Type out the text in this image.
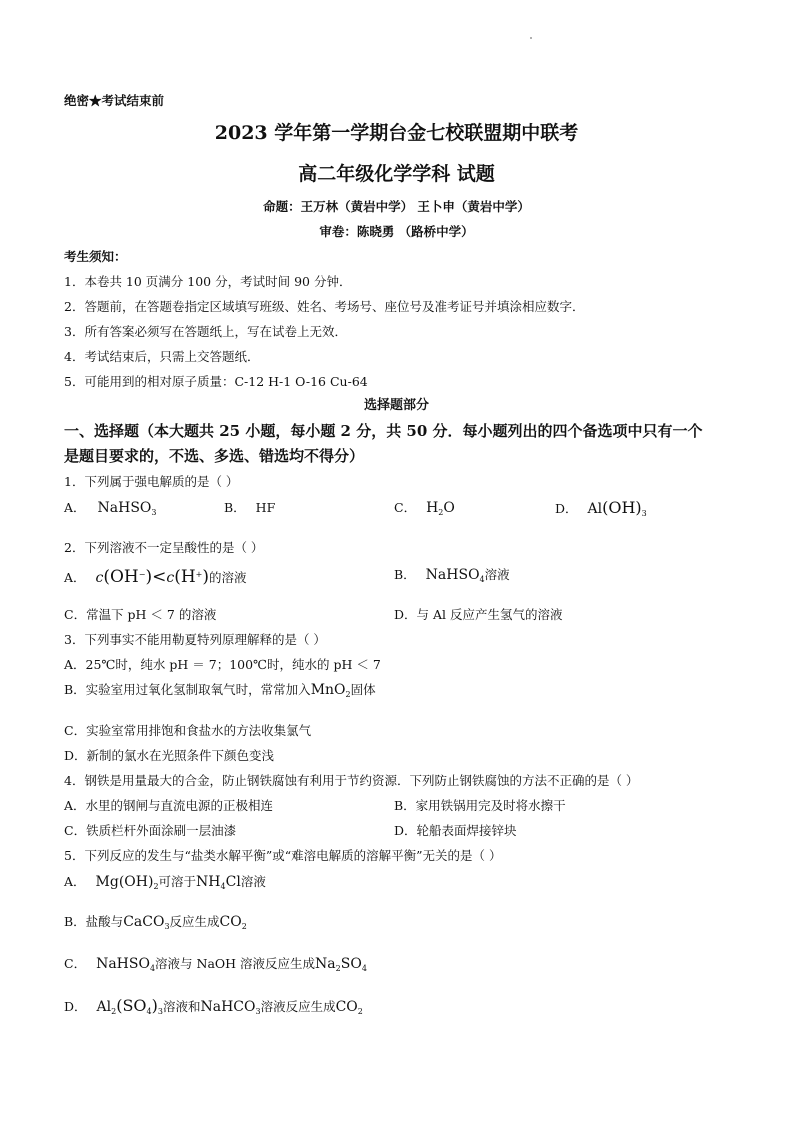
绝密★考试结束前
2023 学年第一学期台金七校联盟期中联考
高二年级化学学科 试题
命题：王万林（黄岩中学） 王卜申（黄岩中学）
审卷：陈晓勇 （路桥中学）
考生须知：
1．本卷共 10 页满分 100 分，考试时间 90 分钟．
2．答题前，在答题卷指定区域填写班级、姓名、考场号、座位号及准考证号并填涂相应数字．
3．所有答案必须写在答题纸上，写在试卷上无效．
4．考试结束后，只需上交答题纸．
5．可能用到的相对原子质量：C-12 H-1 O-16 Cu-64
选择题部分
一、选择题（本大题共 25 小题，每小题 2 分，共 50 分．每小题列出的四个备选项中只有一个
是题目要求的，不选、多选、错选均不得分）
1．下列属于强电解质的是（ ）
A． NaHSO$_3$	B． HF	C． $H_2O$	D． $Al(OH)_3$
2．下列溶液不一定呈酸性的是（ ）
A． c(OH−)<c(H+)的溶液	B． NaHSO$_4$溶液
C．常温下 pH ＜ 7 的溶液	D．与 Al 反应产生氢气的溶液
3．下列事实不能用勒夏特列原理解释的是（ ）
A．25℃时，纯水 pH ＝ 7；100℃时，纯水的 pH ＜ 7
B．实验室用过氧化氢制取氧气时，常常加入MnO$_2$固体
C．实验室常用排饱和食盐水的方法收集氯气
D．新制的氯水在光照条件下颜色变浅
4．钢铁是用量最大的合金，防止钢铁腐蚀有利用于节约资源．下列防止钢铁腐蚀的方法不正确的是（ ）
A．水里的钢闸与直流电源的正极相连	B．家用铁锅用完及时将水擦干
C．铁质栏杆外面涂刷一层油漆	D．轮船表面焊接锌块
5．下列反应的发生与“盐类水解平衡”或“难溶电解质的溶解平衡”无关的是（ ）
A． $Mg(OH)_2$可溶于$NH_4Cl$溶液
B．盐酸与CaCO$_3$反应生成$CO_2$
C． NaHSO$_4$溶液与 NaOH 溶液反应生成$Na_2SO_4$
D． $Al_2(SO_4)_3$溶液和NaHCO$_3$溶液反应生成$CO_2$
